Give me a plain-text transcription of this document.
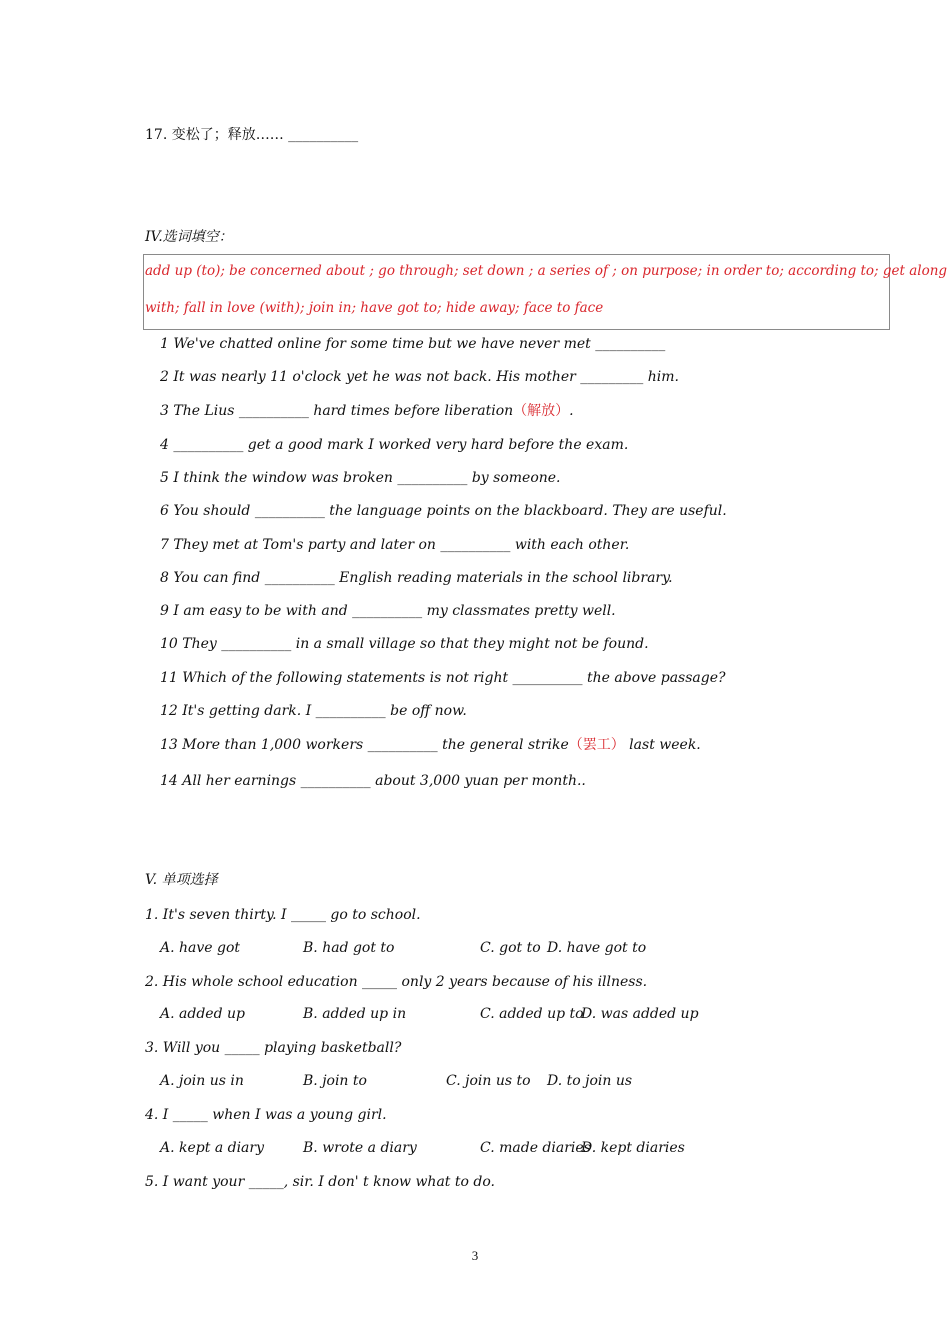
17. 变松了；释放…… __________
IV.选词填空：
add up (to); be concerned about ; go through; set down ; a series of ; on purpose; in order to; according to; get along
with; fall in love (with); join in; have got to; hide away; face to face
1 We've chatted online for some time but we have never met __________
2 It was nearly 11 o'clock yet he was not back. His mother _________ him.
3 The Lius __________ hard times before liberation（解放）.
4 __________ get a good mark I worked very hard before the exam.
5 I think the window was broken __________ by someone.
6 You should __________ the language points on the blackboard. They are useful.
7 They met at Tom's party and later on __________ with each other.
8 You can find __________ English reading materials in the school library.
9 I am easy to be with and __________ my classmates pretty well.
10 They __________ in a small village so that they might not be found.
11 Which of the following statements is not right __________ the above passage?
12 It's getting dark. I __________ be off now.
13 More than 1,000 workers __________ the general strike（罢工） last week.
14 All her earnings __________ about 3,000 yuan per month..
V. 单项选择
1. It's seven thirty. I _____ go to school.
A. have got	B. had got to	C. got to D. have got to
2. His whole school education _____ only 2 years because of his illness.
A. added up	B. added up in	C. added up to
D. was added up
3. Will you _____ playing basketball?
A. join us in	B. join to	C. join us to D. to join us
4. I _____ when I was a young girl.
A. kept a diary	B. wrote a diary	C. made diaries
D. kept diaries
5. I want your _____, sir. I don' t know what to do.
3
